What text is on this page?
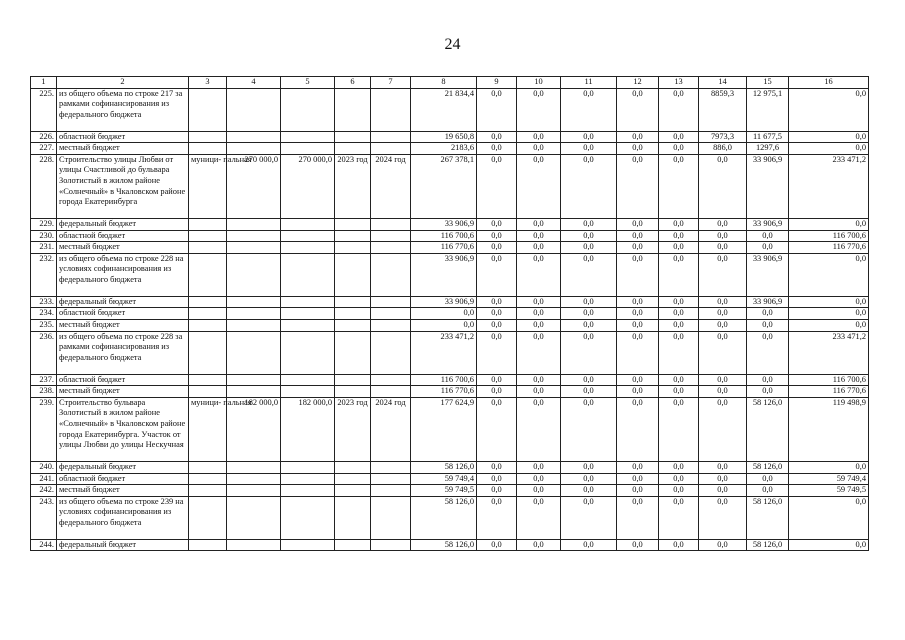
24
1	2	3	4	5	6	7	8	9	10	11	12	13	14	15	16
225.	из общего объема по строке 217 за рамками софинансирования из федерального бюджета						21 834,4	0,0	0,0	0,0	0,0	0,0	8859,3	12 975,1	0,0
226.	областной бюджет						19 650,8	0,0	0,0	0,0	0,0	0,0	7973,3	11 677,5	0,0
227.	местный бюджет						2183,6	0,0	0,0	0,0	0,0	0,0	886,0	1297,6	0,0
228.	Строительство улицы Любви от улицы Счастливой до бульвара Золотистый в жилом районе «Солнечный» в Чкаловском районе города Екатеринбурга	муници- пальная	270 000,0	270 000,0	2023 год	2024 год	267 378,1	0,0	0,0	0,0	0,0	0,0	0,0	33 906,9	233 471,2
229.	федеральный бюджет						33 906,9	0,0	0,0	0,0	0,0	0,0	0,0	33 906,9	0,0
230.	областной бюджет						116 700,6	0,0	0,0	0,0	0,0	0,0	0,0	0,0	116 700,6
231.	местный бюджет						116 770,6	0,0	0,0	0,0	0,0	0,0	0,0	0,0	116 770,6
232.	из общего объема по строке 228 на условиях софинансирования из федерального бюджета						33 906,9	0,0	0,0	0,0	0,0	0,0	0,0	33 906,9	0,0
233.	федеральный бюджет						33 906,9	0,0	0,0	0,0	0,0	0,0	0,0	33 906,9	0,0
234.	областной бюджет						0,0	0,0	0,0	0,0	0,0	0,0	0,0	0,0	0,0
235.	местный бюджет						0,0	0,0	0,0	0,0	0,0	0,0	0,0	0,0	0,0
236.	из общего объема по строке 228 за рамками софинансирования из федерального бюджета						233 471,2	0,0	0,0	0,0	0,0	0,0	0,0	0,0	233 471,2
237.	областной бюджет						116 700,6	0,0	0,0	0,0	0,0	0,0	0,0	0,0	116 700,6
238.	местный бюджет						116 770,6	0,0	0,0	0,0	0,0	0,0	0,0	0,0	116 770,6
239.	Строительство бульвара Золотистый в жилом районе «Солнечный» в Чкаловском районе города Екатеринбурга. Участок от улицы Любви до улицы Нескучная	муници- пальная	182 000,0	182 000,0	2023 год	2024 год	177 624,9	0,0	0,0	0,0	0,0	0,0	0,0	58 126,0	119 498,9
240.	федеральный бюджет						58 126,0	0,0	0,0	0,0	0,0	0,0	0,0	58 126,0	0,0
241.	областной бюджет						59 749,4	0,0	0,0	0,0	0,0	0,0	0,0	0,0	59 749,4
242.	местный бюджет						59 749,5	0,0	0,0	0,0	0,0	0,0	0,0	0,0	59 749,5
243.	из общего объема по строке 239 на условиях софинансирования из федерального бюджета						58 126,0	0,0	0,0	0,0	0,0	0,0	0,0	58 126,0	0,0
244.	федеральный бюджет						58 126,0	0,0	0,0	0,0	0,0	0,0	0,0	58 126,0	0,0
